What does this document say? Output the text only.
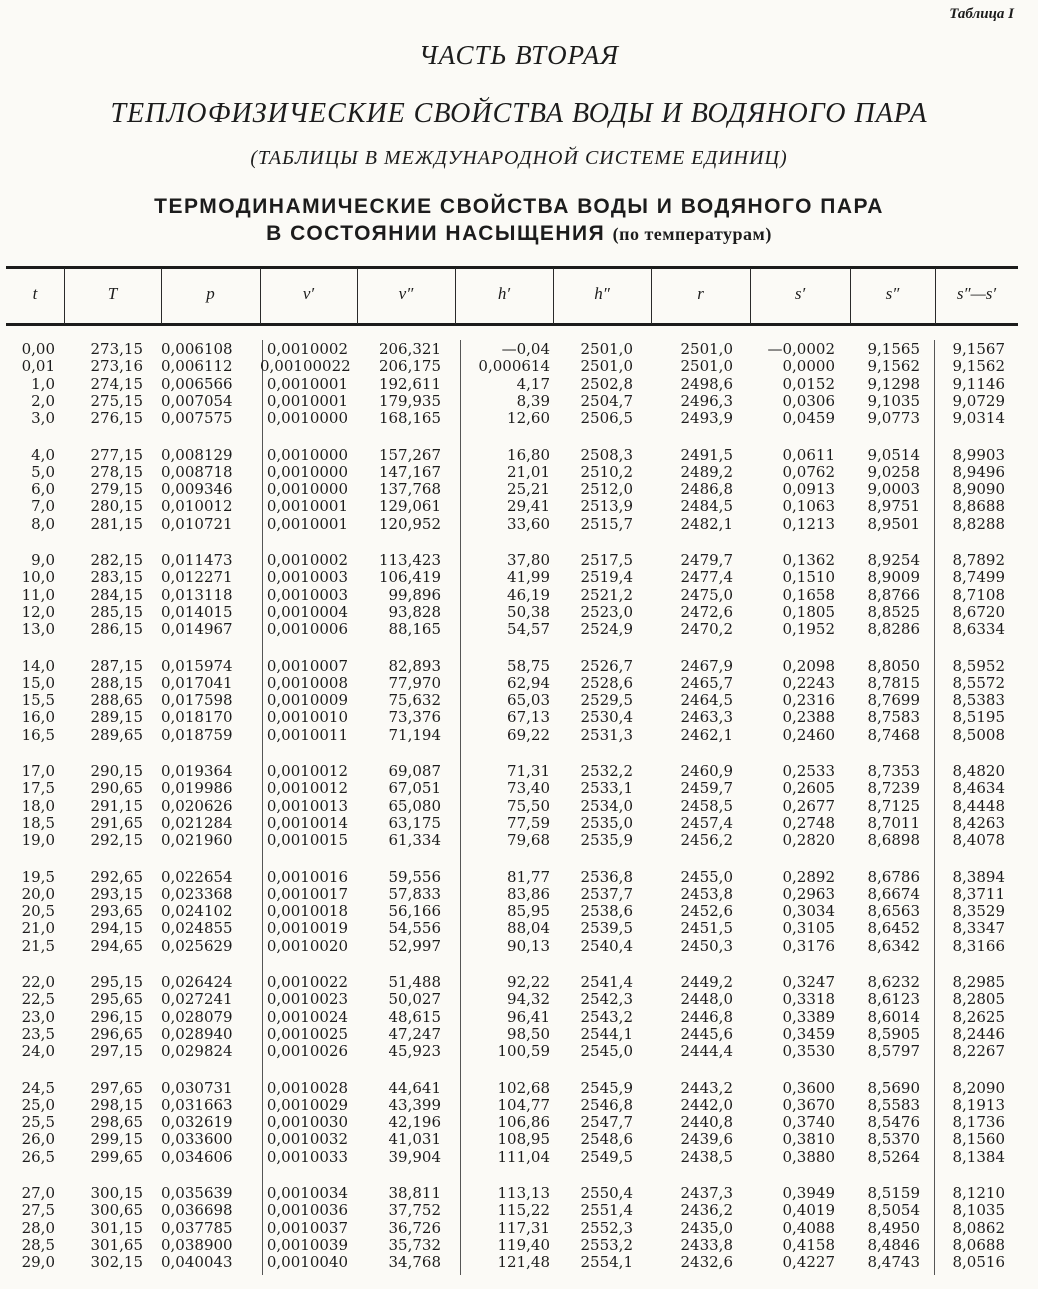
Таблица I
ЧАСТЬ ВТОРАЯ
ТЕПЛОФИЗИЧЕСКИЕ СВОЙСТВА ВОДЫ И ВОДЯНОГО ПАРА
(ТАБЛИЦЫ В МЕЖДУНАРОДНОЙ СИСТЕМЕ ЕДИНИЦ)
ТЕРМОДИНАМИЧЕСКИЕ СВОЙСТВА ВОДЫ И ВОДЯНОГО ПАРА
В СОСТОЯНИИ НАСЫЩЕНИЯ (по температурам)
t	T	p	v′	v″	h′	h″	r	s′	s″	s″—s′
0,00	273,15 0,006108	0,0010002	206,321	—0,04	2501,0	2501,0	—0,0002	9,1565	9,1567
0,01	273,16 0,006112 0,00100022	206,175	0,000614	2501,0	2501,0	0,0000	9,1562	9,1562
1,0	274,15 0,006566	0,0010001	192,611	4,17	2502,8	2498,6	0,0152	9,1298	9,1146
2,0	275,15 0,007054	0,0010001	179,935	8,39	2504,7	2496,3	0,0306	9,1035	9,0729
3,0	276,15 0,007575	0,0010000	168,165	12,60	2506,5	2493,9	0,0459	9,0773	9,0314
4,0	277,15 0,008129	0,0010000	157,267	16,80	2508,3	2491,5	0,0611	9,0514	8,9903
5,0	278,15 0,008718	0,0010000	147,167	21,01	2510,2	2489,2	0,0762	9,0258	8,9496
6,0	279,15 0,009346	0,0010000	137,768	25,21	2512,0	2486,8	0,0913	9,0003	8,9090
7,0	280,15 0,010012	0,0010001	129,061	29,41	2513,9	2484,5	0,1063	8,9751	8,8688
8,0	281,15 0,010721	0,0010001	120,952	33,60	2515,7	2482,1	0,1213	8,9501	8,8288
9,0	282,15 0,011473	0,0010002	113,423	37,80	2517,5	2479,7	0,1362	8,9254	8,7892
10,0	283,15 0,012271	0,0010003	106,419	41,99	2519,4	2477,4	0,1510	8,9009	8,7499
11,0	284,15 0,013118	0,0010003	99,896	46,19	2521,2	2475,0	0,1658	8,8766	8,7108
12,0	285,15 0,014015	0,0010004	93,828	50,38	2523,0	2472,6	0,1805	8,8525	8,6720
13,0	286,15 0,014967	0,0010006	88,165	54,57	2524,9	2470,2	0,1952	8,8286	8,6334
14,0	287,15 0,015974	0,0010007	82,893	58,75	2526,7	2467,9	0,2098	8,8050	8,5952
15,0	288,15 0,017041	0,0010008	77,970	62,94	2528,6	2465,7	0,2243	8,7815	8,5572
15,5	288,65 0,017598	0,0010009	75,632	65,03	2529,5	2464,5	0,2316	8,7699	8,5383
16,0	289,15 0,018170	0,0010010	73,376	67,13	2530,4	2463,3	0,2388	8,7583	8,5195
16,5	289,65 0,018759	0,0010011	71,194	69,22	2531,3	2462,1	0,2460	8,7468	8,5008
17,0	290,15 0,019364	0,0010012	69,087	71,31	2532,2	2460,9	0,2533	8,7353	8,4820
17,5	290,65 0,019986	0,0010012	67,051	73,40	2533,1	2459,7	0,2605	8,7239	8,4634
18,0	291,15 0,020626	0,0010013	65,080	75,50	2534,0	2458,5	0,2677	8,7125	8,4448
18,5	291,65 0,021284	0,0010014	63,175	77,59	2535,0	2457,4	0,2748	8,7011	8,4263
19,0	292,15 0,021960	0,0010015	61,334	79,68	2535,9	2456,2	0,2820	8,6898	8,4078
19,5	292,65 0,022654	0,0010016	59,556	81,77	2536,8	2455,0	0,2892	8,6786	8,3894
20,0	293,15 0,023368	0,0010017	57,833	83,86	2537,7	2453,8	0,2963	8,6674	8,3711
20,5	293,65 0,024102	0,0010018	56,166	85,95	2538,6	2452,6	0,3034	8,6563	8,3529
21,0	294,15 0,024855	0,0010019	54,556	88,04	2539,5	2451,5	0,3105	8,6452	8,3347
21,5	294,65 0,025629	0,0010020	52,997	90,13	2540,4	2450,3	0,3176	8,6342	8,3166
22,0	295,15 0,026424	0,0010022	51,488	92,22	2541,4	2449,2	0,3247	8,6232	8,2985
22,5	295,65 0,027241	0,0010023	50,027	94,32	2542,3	2448,0	0,3318	8,6123	8,2805
23,0	296,15 0,028079	0,0010024	48,615	96,41	2543,2	2446,8	0,3389	8,6014	8,2625
23,5	296,65 0,028940	0,0010025	47,247	98,50	2544,1	2445,6	0,3459	8,5905	8,2446
24,0	297,15 0,029824	0,0010026	45,923	100,59	2545,0	2444,4	0,3530	8,5797	8,2267
24,5	297,65 0,030731	0,0010028	44,641	102,68	2545,9	2443,2	0,3600	8,5690	8,2090
25,0	298,15 0,031663	0,0010029	43,399	104,77	2546,8	2442,0	0,3670	8,5583	8,1913
25,5	298,65 0,032619	0,0010030	42,196	106,86	2547,7	2440,8	0,3740	8,5476	8,1736
26,0	299,15 0,033600	0,0010032	41,031	108,95	2548,6	2439,6	0,3810	8,5370	8,1560
26,5	299,65 0,034606	0,0010033	39,904	111,04	2549,5	2438,5	0,3880	8,5264	8,1384
27,0	300,15 0,035639	0,0010034	38,811	113,13	2550,4	2437,3	0,3949	8,5159	8,1210
27,5	300,65 0,036698	0,0010036	37,752	115,22	2551,4	2436,2	0,4019	8,5054	8,1035
28,0	301,15 0,037785	0,0010037	36,726	117,31	2552,3	2435,0	0,4088	8,4950	8,0862
28,5	301,65 0,038900	0,0010039	35,732	119,40	2553,2	2433,8	0,4158	8,4846	8,0688
29,0	302,15 0,040043	0,0010040	34,768	121,48	2554,1	2432,6	0,4227	8,4743	8,0516
